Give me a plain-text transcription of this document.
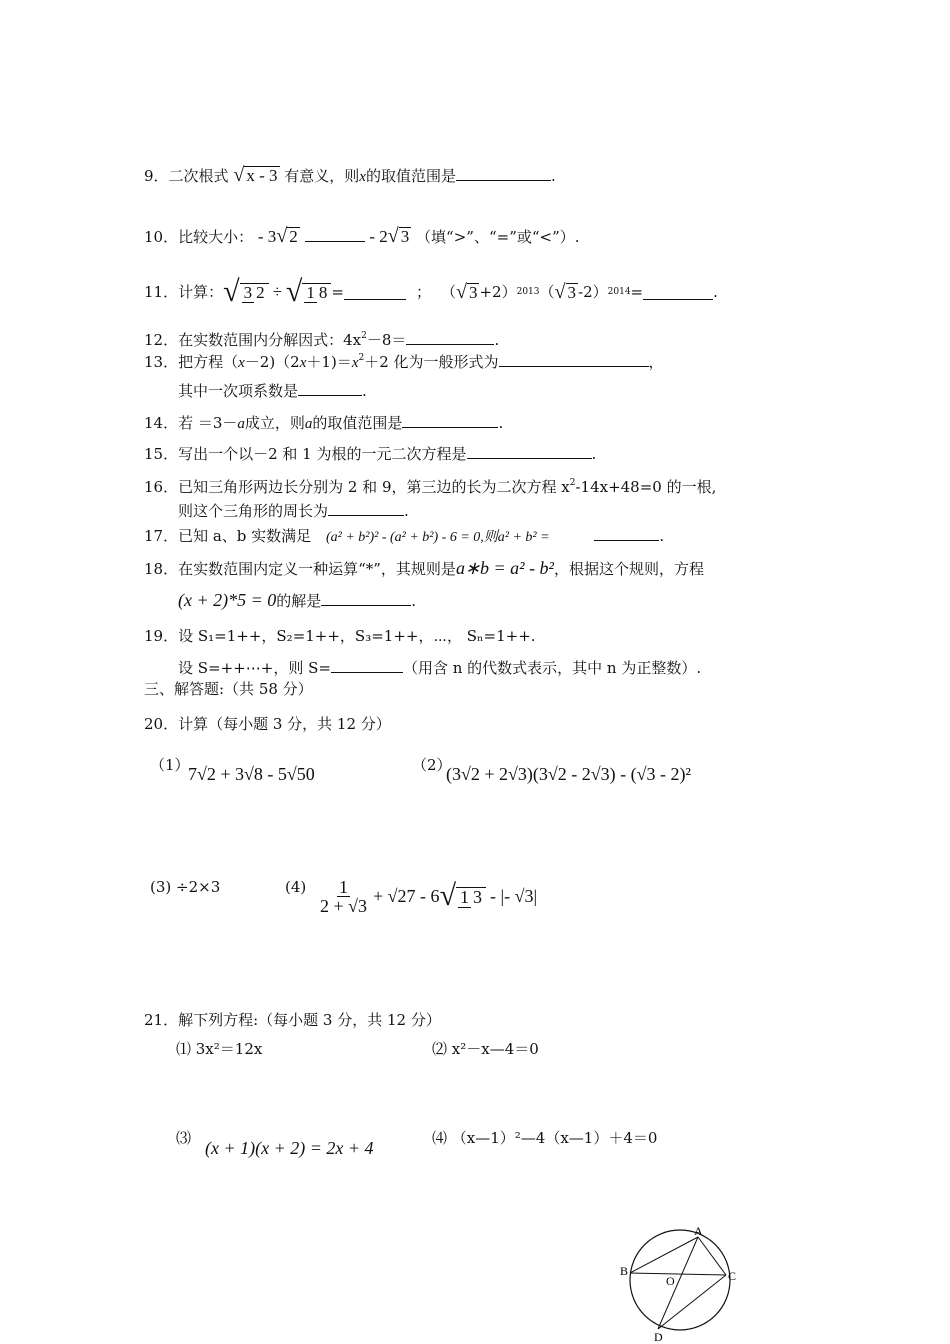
9．二次根式 √ x - 3 有意义，则x的取值范围是	.
10．比较大小： - 3√ 2	- 2√ 3 （填“>”、“=”或“<”）.
11． 计算： √ 3 2 ÷ √ 1 8 =	； （ √ 3 +2） 2013 （ √ 3 -2） 2014 =	.
12．在实数范围内分解因式：$4x^2-8=$	.
13．把方程$(x-2)(2x+1)=x^2+2$ 化为一般形式为	，
其中一次项系数是	.
14．若 ＝3－a成立，则a的取值范围是	.
15．写出一个以－2 和 1 为根的一元二次方程是	.
16．已知三角形两边长分别为 2 和 9，第三边的长为二次方程 $x^2-14x+48=0$ 的一根,
则这个三角形的周长为	.
17．已知 a、b 实数满足 (a² + b²)² - (a² + b²) - 6 = 0,则a² + b² =	.
18．在实数范围内定义一种运算“*”，其规则是a∗b = a² - b²，根据这个规则，方程
(x + 2)*5 = 0的解是	.
19．设 S₁=1++，S₂=1++，S₃=1++，⋯， Sₙ=1++.
设 S=++⋯+，则 S=	（用含 n 的代数式表示，其中 n 为正整数）.
三、解答题:（共 58 分）
20．计算（每小题 3 分，共 12 分）
（1）
7√2 + 3√8 - 5√50	（2）
(3√2 + 2√3)(3√2 - 2√3) - (√3 - 2)²
(3) ÷2×3	$(4) \frac{1}{2 + √3} + √27 - 6$ √ 1 3 - |- √3|
21．解下列方程:（每小题 3 分，共 12 分）
⑴ 3x²＝12x	⑵ x²－x—4＝0
⑶ (x + 1)(x + 2) = 2x + 4	⑷ （x—1）²—4（x—1）＋4＝0
A
B	C
O
D
